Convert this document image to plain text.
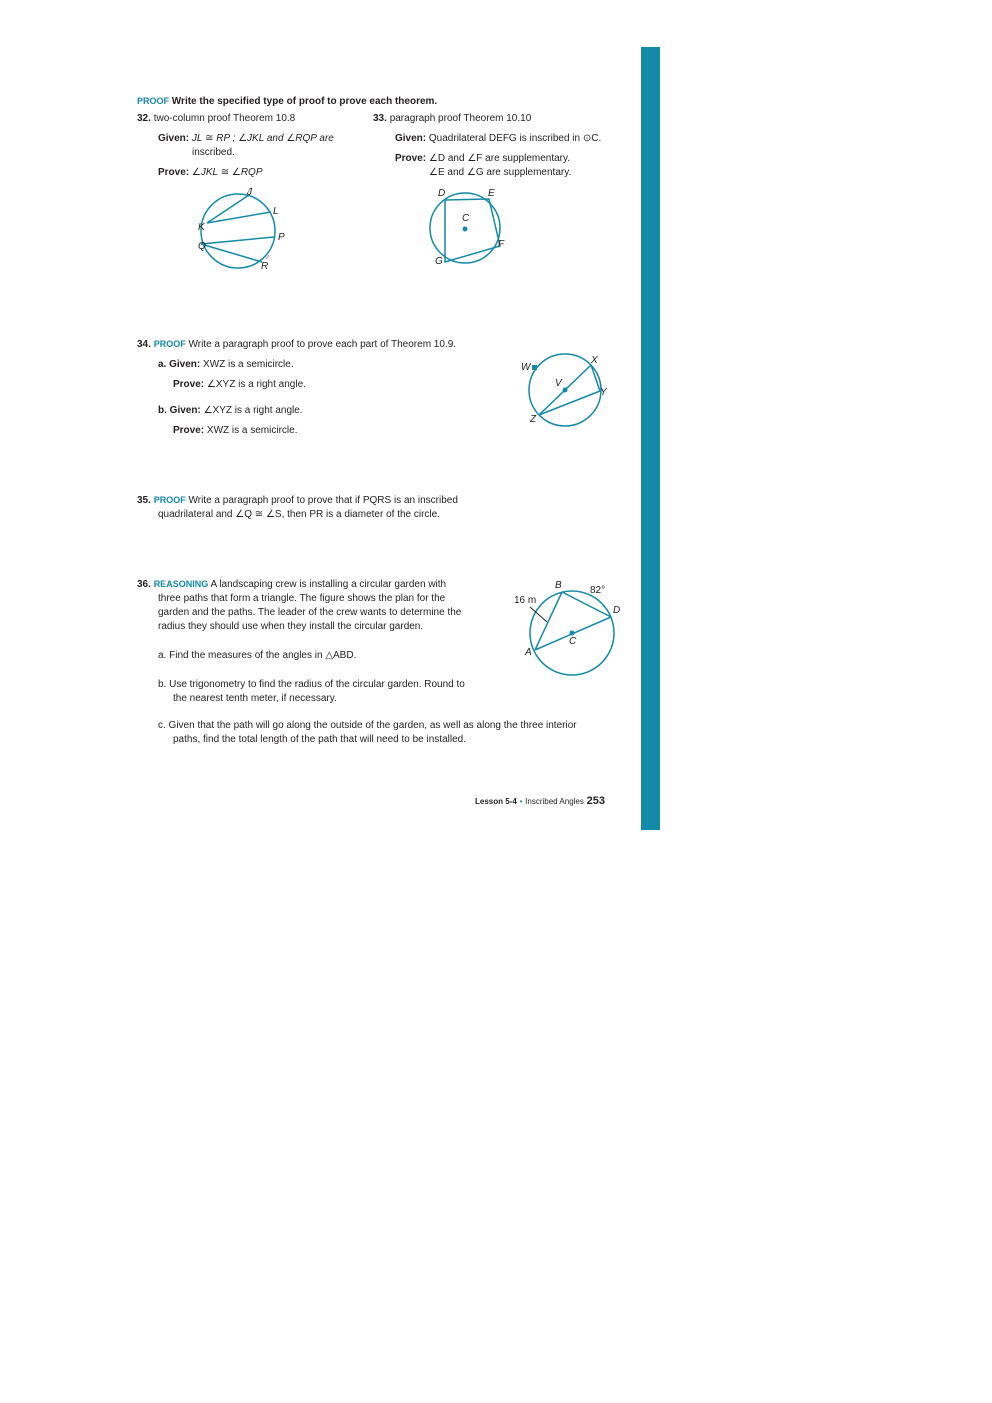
PROOF Write the specified type of proof to prove each theorem.
32. two-column proof Theorem 10.8
Given: JL ≅ RP ; ∠JKL and ∠RQP are
inscribed.
Prove: ∠JKL ≅ ∠RQP
J
L
K
Q
P
R
33. paragraph proof Theorem 10.10
Given: Quadrilateral DEFG is inscribed in ⊙C.
Prove: ∠D and ∠F are supplementary.
∠E and ∠G are supplementary.
D	E
C
F
G
34. PROOF Write a paragraph proof to prove each part of Theorem 10.9.
a. Given: XWZ is a semicircle.
Prove: ∠XYZ is a right angle.
b. Given: ∠XYZ is a right angle.
Prove: XWZ is a semicircle.
W
X
V
Y
Z
35. PROOF Write a paragraph proof to prove that if PQRS is an inscribed
quadrilateral and ∠Q ≅ ∠S, then PR is a diameter of the circle.
36. REASONING A landscaping crew is installing a circular garden with
three paths that form a triangle. The figure shows the plan for the
garden and the paths. The leader of the crew wants to determine the
radius they should use when they install the circular garden.
a. Find the measures of the angles in △ABD.
b. Use trigonometry to find the radius of the circular garden. Round to
the nearest tenth meter, if necessary.
c. Given that the path will go along the outside of the garden, as well as along the three interior
paths, find the total length of the path that will need to be installed.
B	82°
16 m
D
C
A
Lesson 5-4 • Inscribed Angles 253
